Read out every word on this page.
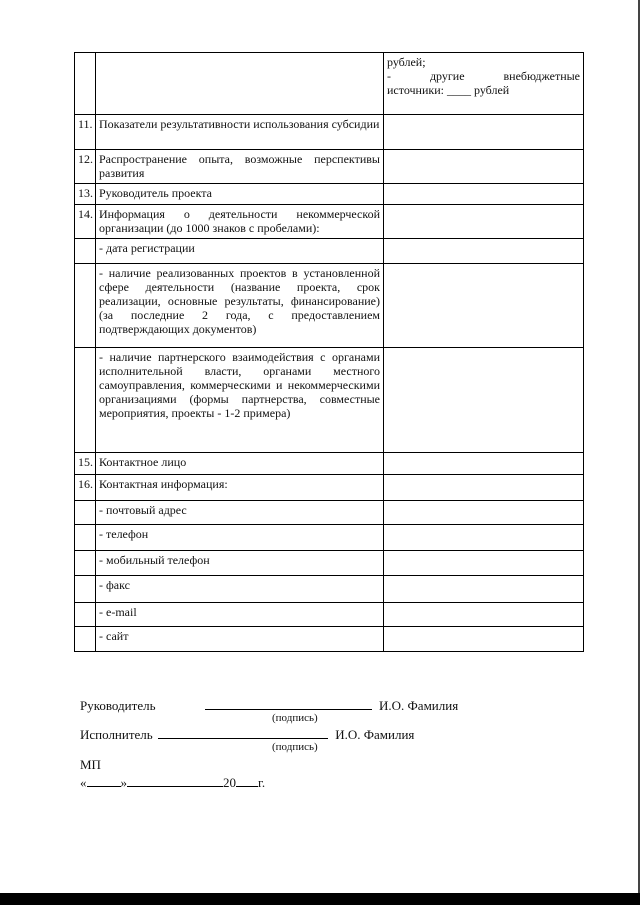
		рублей;
- другие внебюджетные
источники: ____ рублей

11.	Показатели результативности использования субсидии	
12.	Распространение опыта, возможные перспективы развития	
13.	Руководитель проекта	
14.	Информация о деятельности некоммерческой организации (до 1000 знаков с пробелами):	
	- дата регистрации	
	- наличие реализованных проектов в установленной сфере деятельности (название проекта, срок реализации, основные результаты, финансирование) (за последние 2 года, с предоставлением подтверждающих документов)	
	- наличие партнерского взаимодействия с органами исполнительной власти, органами местного самоуправления, коммерческими и некоммерческими организациями (формы партнерства, совместные мероприятия, проекты - 1-2 примера)	
15.	Контактное лицо	
16.	Контактная информация:	
	- почтовый адрес	
	- телефон	
	- мобильный телефон	
	- факс	
	- e-mail	
	- сайт	
Руководитель	И.О. Фамилия
(подпись)
Исполнитель	И.О. Фамилия
(подпись)
МП
«	»	20 г.
